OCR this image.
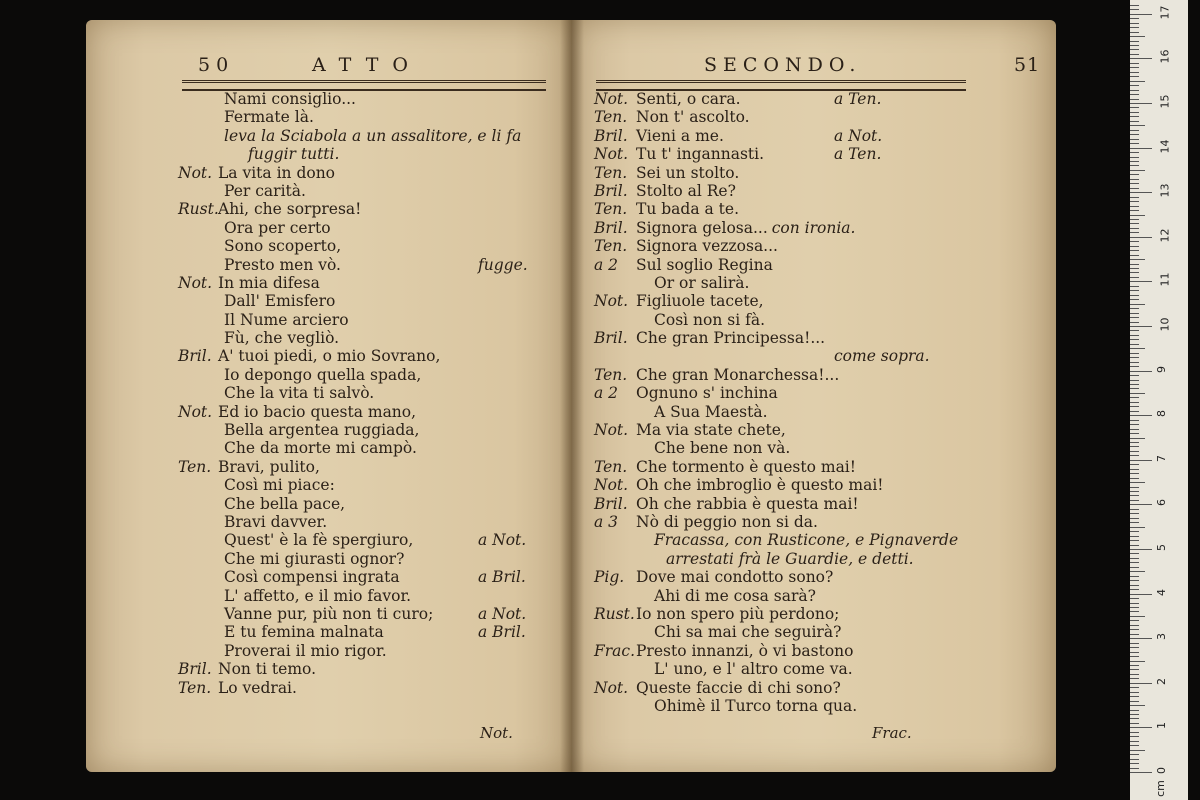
50	ATTO
Nami consiglio...
Fermate là.
leva la Sciabola a un assalitore, e li fa
fuggir tutti.
Not. La vita in dono
Per carità.
Rust.Ahi, che sorpresa!
Ora per certo
Sono scoperto,
Presto men vò.	fugge.
Not. In mia difesa
Dall' Emisfero
Il Nume arciero
Fù, che vegliò.
Bril. A' tuoi piedi, o mio Sovrano,
Io depongo quella spada,
Che la vita ti salvò.
Not. Ed io bacio questa mano,
Bella argentea ruggiada,
Che da morte mi campò.
Ten. Bravi, pulito,
Così mi piace:
Che bella pace,
Bravi davver.
Quest' è la fè spergiuro,	a Not.
Che mi giurasti ognor?
Così compensi ingrata	a Bril.
L' affetto, e il mio favor.
Vanne pur, più non ti curo;	a Not.
E tu femina malnata	a Bril.
Proverai il mio rigor.
Bril. Non ti temo.
Ten. Lo vedrai.
Not.
SECONDO.	51
Not. Senti, o cara.	a Ten.
Ten. Non t' ascolto.
Bril. Vieni a me.	a Not.
Not. Tu t' ingannasti.	a Ten.
Ten. Sei un stolto.
Bril. Stolto al Re?
Ten. Tu bada a te.
Bril. Signora gelosa... con ironia.
Ten. Signora vezzosa...
a 2 Sul soglio Regina
Or or salirà.
Not. Figliuole tacete,
Così non si fà.
Bril. Che gran Principessa!...
come sopra.
Ten. Che gran Monarchessa!...
a 2 Ognuno s' inchina
A Sua Maestà.
Not. Ma via state chete,
Che bene non và.
Ten. Che tormento è questo mai!
Not. Oh che imbroglio è questo mai!
Bril. Oh che rabbia è questa mai!
a 3 Nò di peggio non si da.
Fracassa, con Rusticone, e Pignaverde
arrestati frà le Guardie, e detti.
Pig. Dove mai condotto sono?
Ahi di me cosa sarà?
Rust.Io non spero più perdono;
Chi sa mai che seguirà?
Frac.Presto innanzi, ò vi bastono
L' uno, e l' altro come va.
Not. Queste faccie di chi sono?
Ohimè il Turco torna qua.
Frac.
0
1
2
3
4
5
6
7
8
9
10
11
12
13
14
15
16
17
cm
